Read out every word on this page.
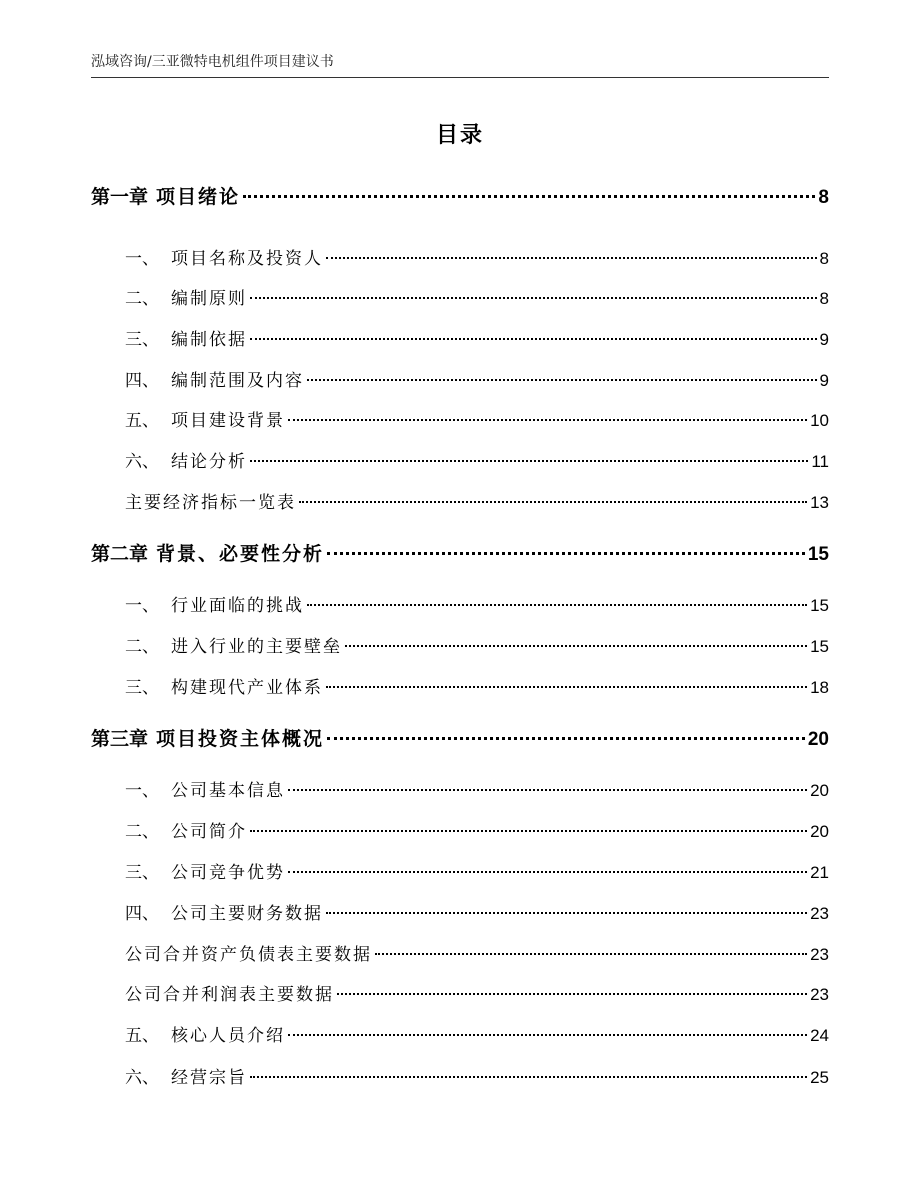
泓域咨询/三亚微特电机组件项目建议书
目录
第一章 项目绪论	8
一、 项目名称及投资人	8
二、 编制原则	8
三、 编制依据	9
四、 编制范围及内容	9
五、 项目建设背景	10
六、 结论分析	11
主要经济指标一览表	13
第二章 背景、必要性分析	15
一、 行业面临的挑战	15
二、 进入行业的主要壁垒	15
三、 构建现代产业体系	18
第三章 项目投资主体概况	20
一、 公司基本信息	20
二、 公司简介	20
三、 公司竞争优势	21
四、 公司主要财务数据	23
公司合并资产负债表主要数据	23
公司合并利润表主要数据	23
五、 核心人员介绍	24
六、 经营宗旨	25
